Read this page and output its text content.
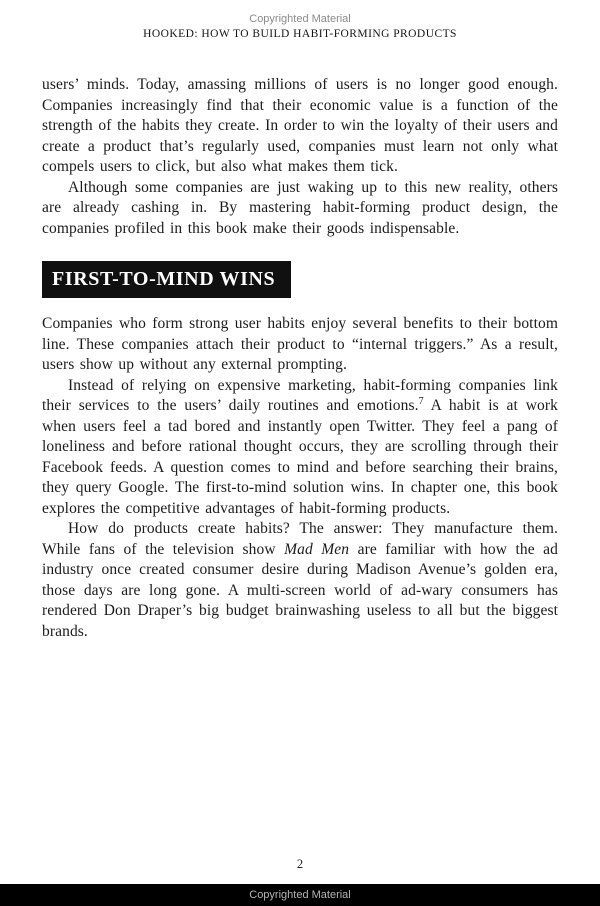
Copyrighted Material
HOOKED: HOW TO BUILD HABIT-FORMING PRODUCTS

users’ minds. Today, amassing millions of users is no longer good enough. Companies increasingly find that their economic value is a function of the strength of the habits they create. In order to win the loyalty of their users and create a product that’s regularly used, companies must learn not only what compels users to click, but also what makes them tick.

Although some companies are just waking up to this new reality, others are already cashing in. By mastering habit-forming product design, the companies profiled in this book make their goods indispensable.

FIRST-TO-MIND WINS

Companies who form strong user habits enjoy several benefits to their bottom line. These companies attach their product to “internal triggers.” As a result, users show up without any external prompting.

Instead of relying on expensive marketing, habit-forming companies link their services to the users’ daily routines and emotions.$^7$ A habit is at work when users feel a tad bored and instantly open Twitter. They feel a pang of loneliness and before rational thought occurs, they are scrolling through their Facebook feeds. A question comes to mind and before searching their brains, they query Google. The first-to-mind solution wins. In chapter one, this book explores the competitive advantages of habit-forming products.

How do products create habits? The answer: They manufacture them. While fans of the television show Mad Men are familiar with how the ad industry once created consumer desire during Madison Avenue’s golden era, those days are long gone. A multi-screen world of ad-wary consumers has rendered Don Draper’s big budget brainwashing useless to all but the biggest brands.

2
Copyrighted Material
